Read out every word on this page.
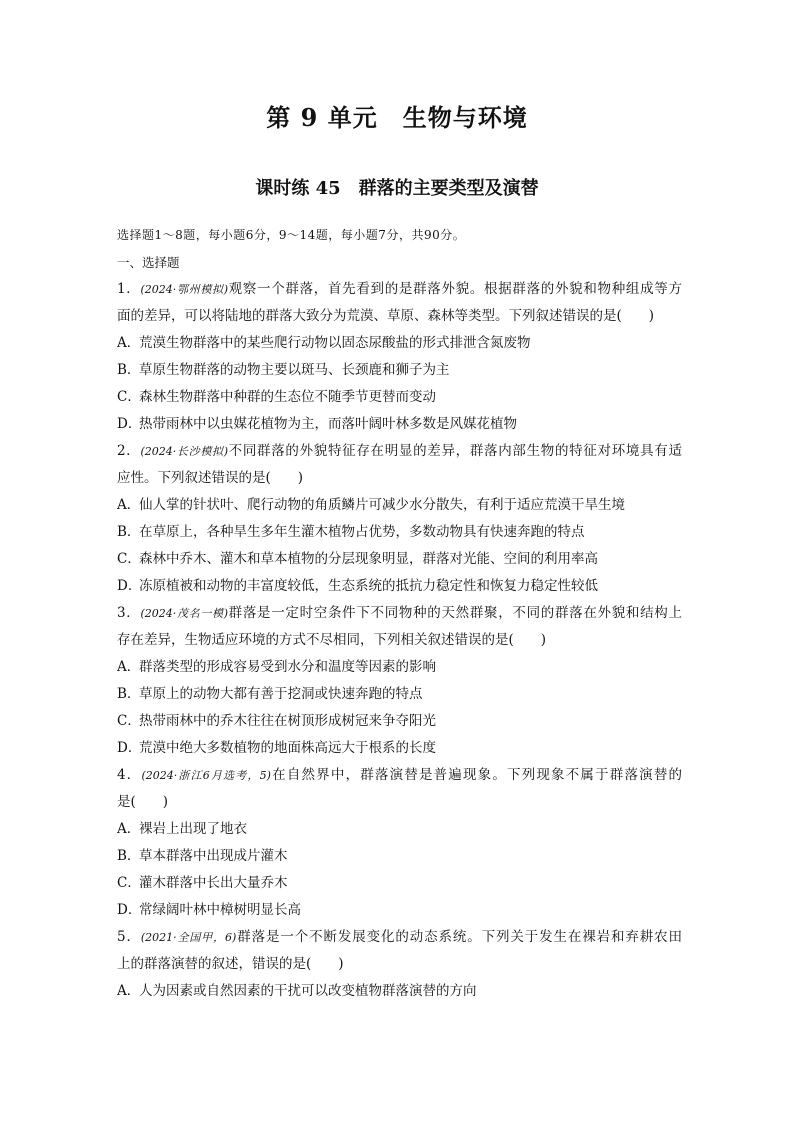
第 9 单元　生物与环境
课时练 45　群落的主要类型及演替
选择题1～8题，每小题6分，9～14题，每小题7分，共90分。
一、选择题
1．(2024·鄂州模拟)观察一个群落，首先看到的是群落外貌。根据群落的外貌和物种组成等方
面的差异，可以将陆地的群落大致分为荒漠、草原、森林等类型。下列叙述错误的是(　　)
A．荒漠生物群落中的某些爬行动物以固态尿酸盐的形式排泄含氮废物
B．草原生物群落的动物主要以斑马、长颈鹿和狮子为主
C．森林生物群落中种群的生态位不随季节更替而变动
D．热带雨林中以虫媒花植物为主，而落叶阔叶林多数是风媒花植物
2．(2024·长沙模拟)不同群落的外貌特征存在明显的差异，群落内部生物的特征对环境具有适
应性。下列叙述错误的是(　　)
A．仙人掌的针状叶、爬行动物的角质鳞片可减少水分散失，有利于适应荒漠干旱生境
B．在草原上，各种旱生多年生灌木植物占优势，多数动物具有快速奔跑的特点
C．森林中乔木、灌木和草本植物的分层现象明显，群落对光能、空间的利用率高
D．冻原植被和动物的丰富度较低，生态系统的抵抗力稳定性和恢复力稳定性较低
3．(2024·茂名一模)群落是一定时空条件下不同物种的天然群聚，不同的群落在外貌和结构上
存在差异，生物适应环境的方式不尽相同，下列相关叙述错误的是(　　)
A．群落类型的形成容易受到水分和温度等因素的影响
B．草原上的动物大都有善于挖洞或快速奔跑的特点
C．热带雨林中的乔木往往在树顶形成树冠来争夺阳光
D．荒漠中绝大多数植物的地面株高远大于根系的长度
4．(2024·浙江6月选考，5)在自然界中，群落演替是普遍现象。下列现象不属于群落演替的
是(　　)
A．裸岩上出现了地衣
B．草本群落中出现成片灌木
C．灌木群落中长出大量乔木
D．常绿阔叶林中樟树明显长高
5．(2021·全国甲，6)群落是一个不断发展变化的动态系统。下列关于发生在裸岩和弃耕农田
上的群落演替的叙述，错误的是(　　)
A．人为因素或自然因素的干扰可以改变植物群落演替的方向
